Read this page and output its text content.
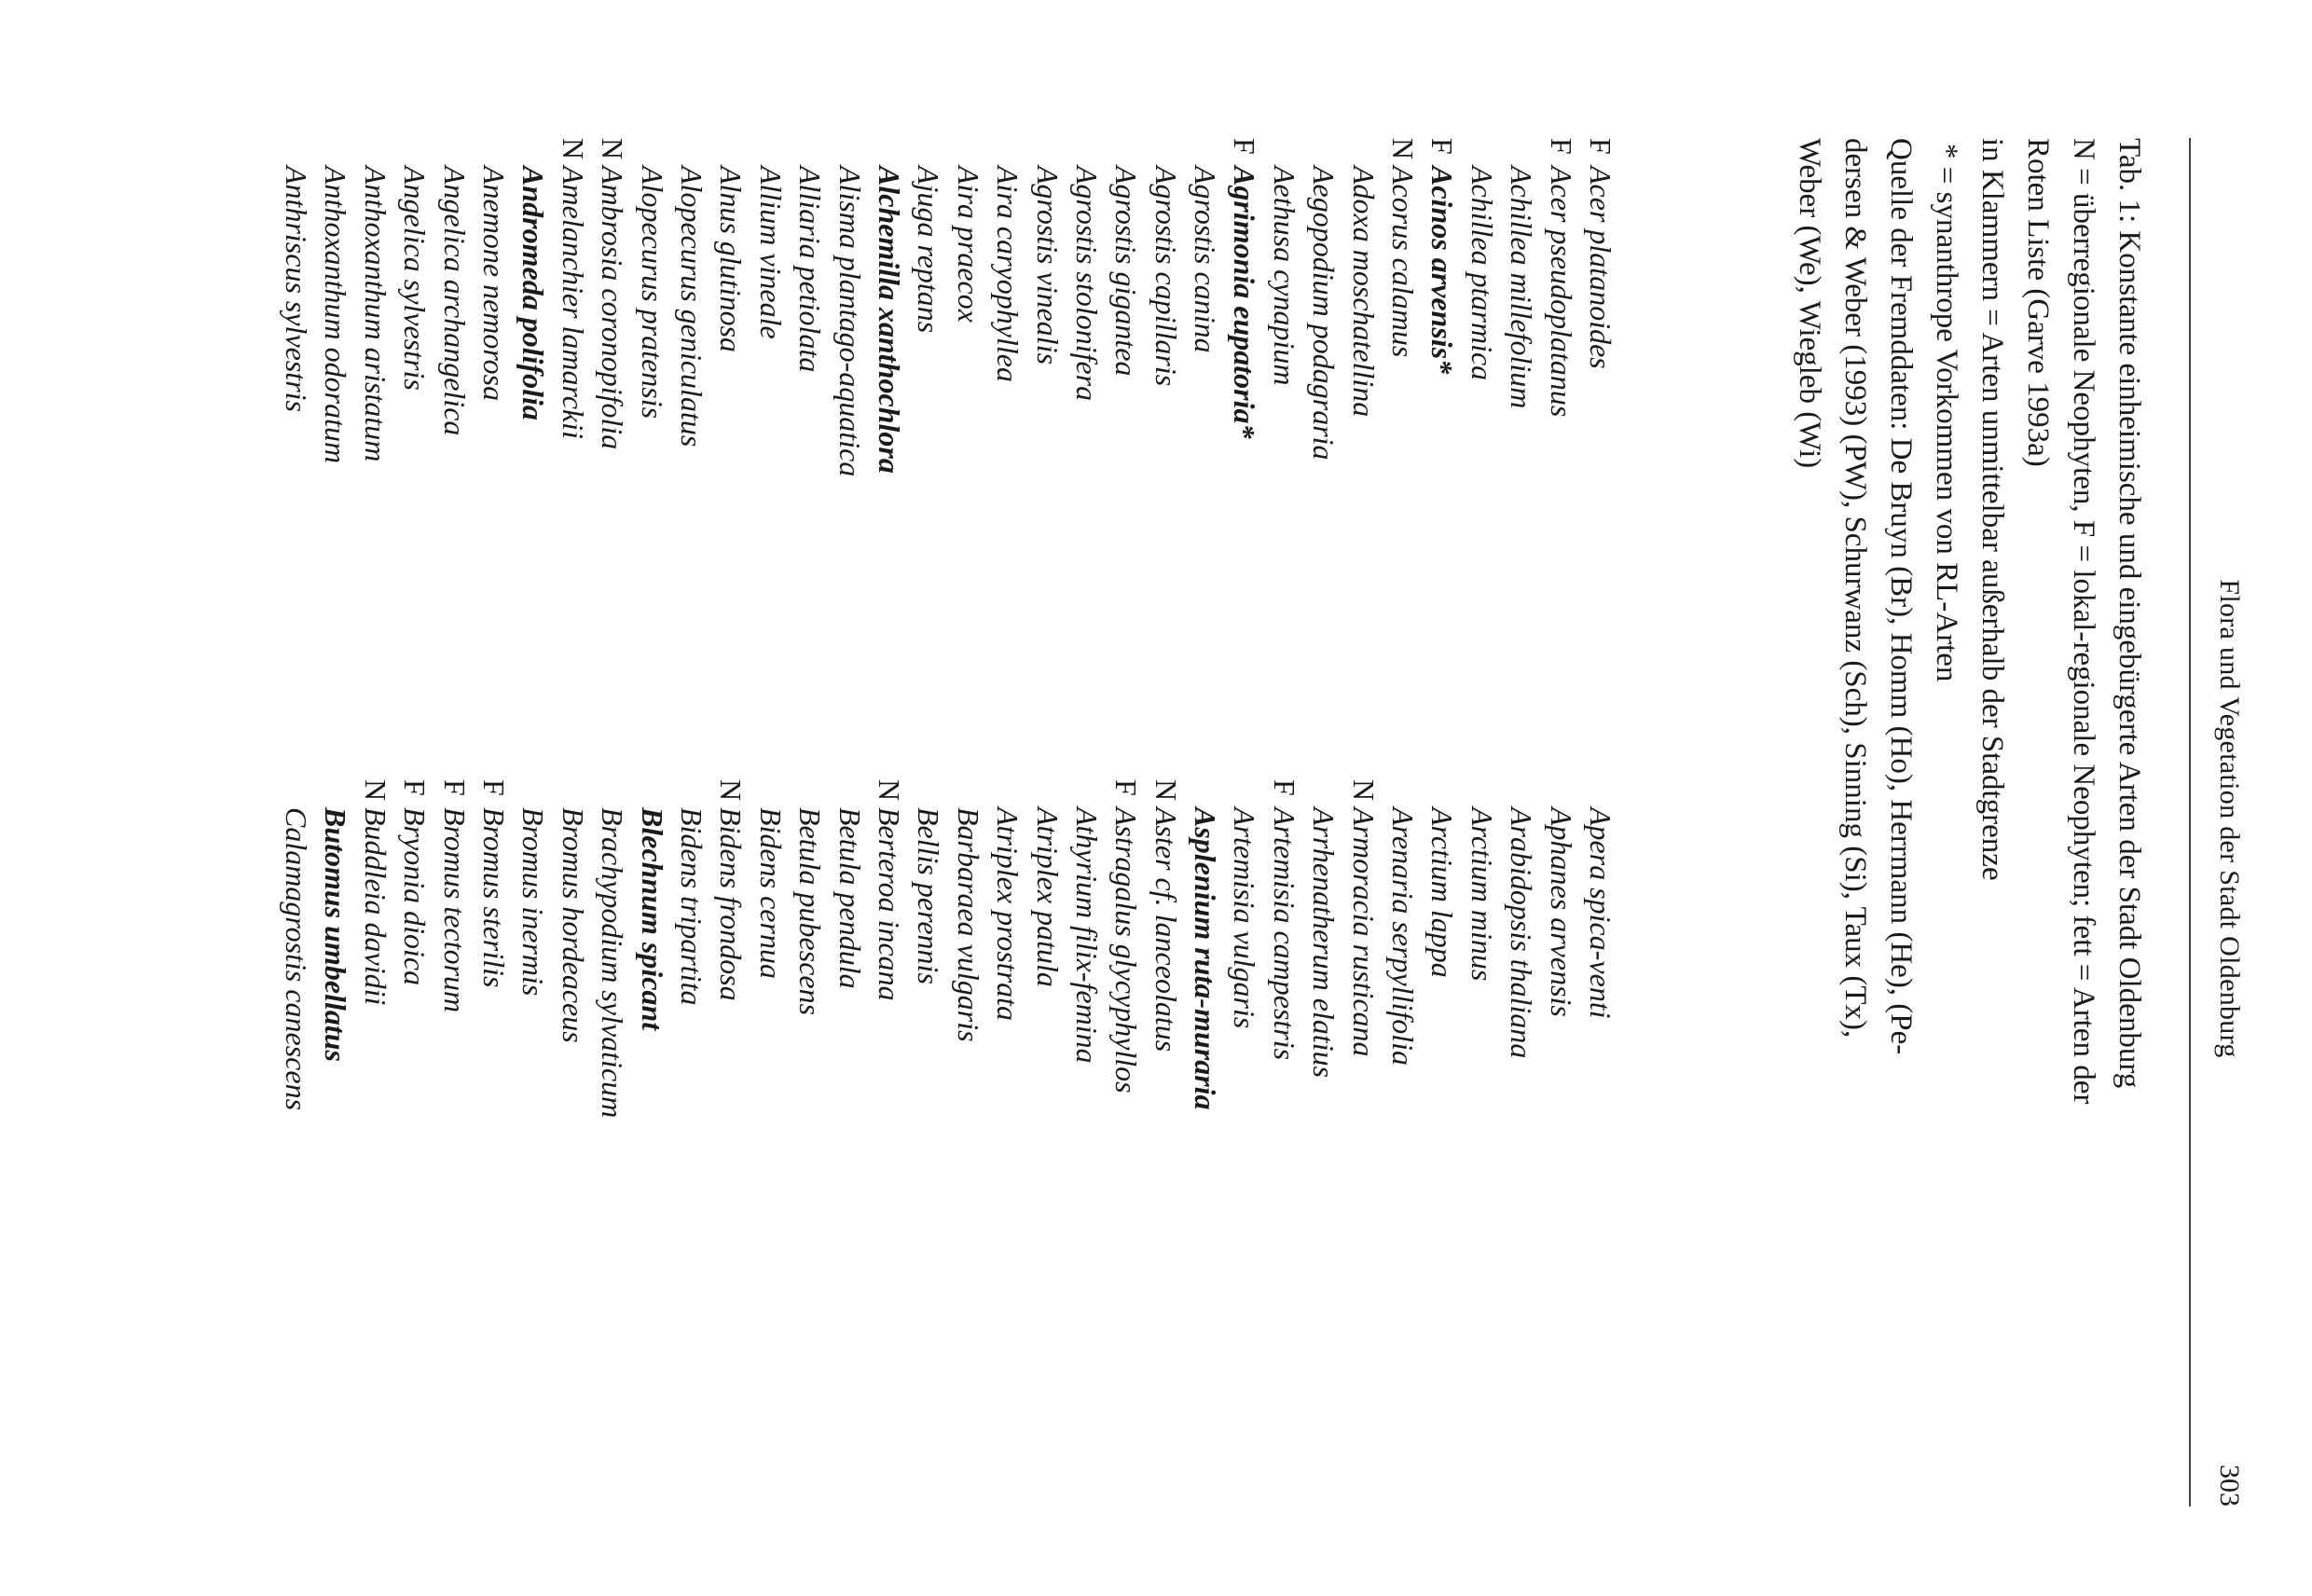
Flora und Vegetation der Stadt Oldenburg
303
Tab. 1: Konstante einheimische und eingebürgerte Arten der Stadt Oldenburg
N = überregionale Neophyten, F = lokal-regionale Neophyten; fett = Arten der
Roten Liste (Garve 1993a)
in Klammern = Arten unmittelbar außerhalb der Stadtgrenze
* = synanthrope Vorkommen von RL-Arten
Quelle der Fremddaten: De Bruyn (Br), Homm (Ho), Herrmann (He), (Pe-
dersen & Weber (1993) (PW), Schurwanz (Sch), Sinning (Si), Taux (Tx),
Weber (We), Wiegleb (Wi)
F
Acer platanoides
F
Acer pseudoplatanus
Achillea millefolium
Achillea ptarmica
F
Acinos arvensis*
N
Acorus calamus
Adoxa moschatellina
Aegopodium podagraria
Aethusa cynapium
F
Agrimonia eupatoria*
Agrostis canina
Agrostis capillaris
Agrostis gigantea
Agrostis stolonifera
Agrostis vinealis
Aira caryophyllea
Aira praecox
Ajuga reptans
Alchemilla xanthochlora
Alisma plantago-aquatica
Alliaria petiolata
Allium vineale
Alnus glutinosa
Alopecurus geniculatus
Alopecurus pratensis
N
Ambrosia coronopifolia
N
Amelanchier lamarckii
Andromeda polifolia
Anemone nemorosa
Angelica archangelica
Angelica sylvestris
Anthoxanthum aristatum
Anthoxanthum odoratum
Anthriscus sylvestris
Apera spica-venti
Aphanes arvensis
Arabidopsis thaliana
Arctium minus
Arctium lappa
Arenaria serpyllifolia
N
Armoracia rusticana
Arrhenatherum elatius
F
Artemisia campestris
Artemisia vulgaris
Asplenium ruta-muraria
N
Aster cf. lanceolatus
F
Astragalus glycyphyllos
Athyrium filix-femina
Atriplex patula
Atriplex prostrata
Barbaraea vulgaris
Bellis perennis
N
Berteroa incana
Betula pendula
Betula pubescens
Bidens cernua
N
Bidens frondosa
Bidens tripartita
Blechnum spicant
Brachypodium sylvaticum
Bromus hordeaceus
Bromus inermis
F
Bromus sterilis
F
Bromus tectorum
F
Bryonia dioica
N
Buddleia davidii
Butomus umbellatus
Calamagrostis canescens
